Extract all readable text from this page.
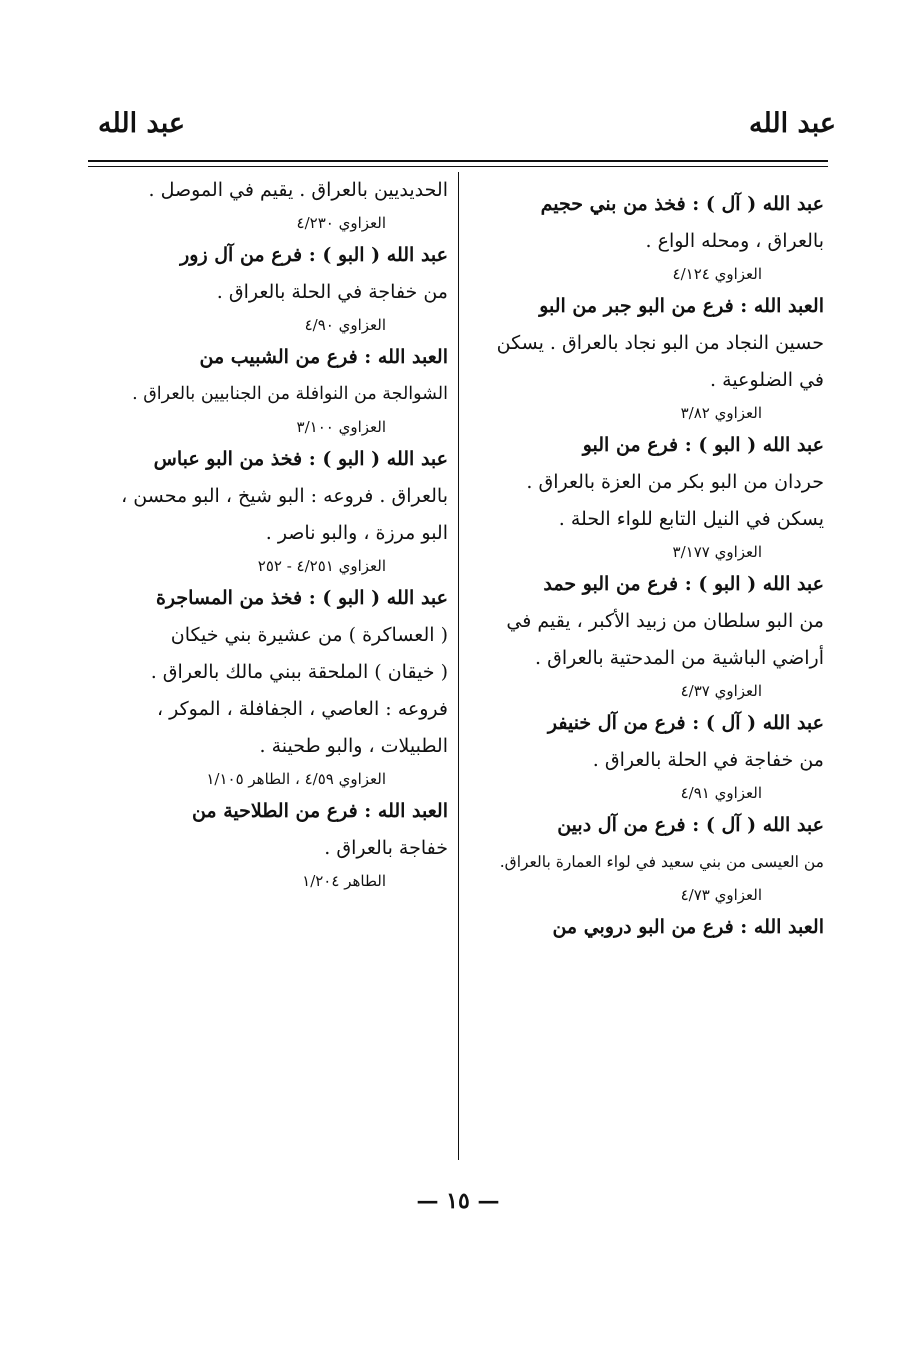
عبد الله
عبد الله

عبد الله ( آل ) : فخذ من بني حجيم

بالعراق ، ومحله الواع .

العزاوي ٤/١٢٤

العبد الله : فرع من البو جبر من البو

حسين النجاد من البو نجاد بالعراق . يسكن

في الضلوعية .

العزاوي ٣/٨٢

عبد الله ( البو ) : فرع من البو

حردان من البو بكر من العزة بالعراق .

يسكن في النيل التابع للواء الحلة .

العزاوي ٣/١٧٧

عبد الله ( البو ) : فرع من البو حمد

من البو سلطان من زبيد الأكبر ، يقيم في

أراضي الباشية من المدحتية بالعراق .

العزاوي ٤/٣٧

عبد الله ( آل ) : فرع من آل خنيفر

من خفاجة في الحلة بالعراق .

العزاوي ٤/٩١

عبد الله ( آل ) : فرع من آل دبين

من العيسى من بني سعيد في لواء العمارة بالعراق.

العزاوي ٤/٧٣

العبد الله : فرع من البو دروبي من

الحديديين بالعراق . يقيم في الموصل .

العزاوي ٤/٢٣٠

عبد الله ( البو ) : فرع من آل زور

من خفاجة في الحلة بالعراق .

العزاوي ٤/٩٠

العبد الله : فرع من الشبيب من

الشوالجة من النوافلة من الجنابيين بالعراق .

العزاوي ٣/١٠٠

عبد الله ( البو ) : فخذ من البو عباس

بالعراق . فروعه : البو شيخ ، البو محسن ،

البو مرزة ، والبو ناصر .

العزاوي ٤/٢٥١ - ٢٥٢

عبد الله ( البو ) : فخذ من المساجرة

( العساكرة ) من عشيرة بني خيكان

( خيقان ) الملحقة ببني مالك بالعراق .

فروعه : العاصي ، الجفافلة ، الموكر ،

الطبيلات ، والبو طحينة .

العزاوي ٤/٥٩ ، الطاهر ١/١٠٥

العبد الله : فرع من الطلاحية من

خفاجة بالعراق .

الطاهر ١/٢٠٤

— ١٥ —
